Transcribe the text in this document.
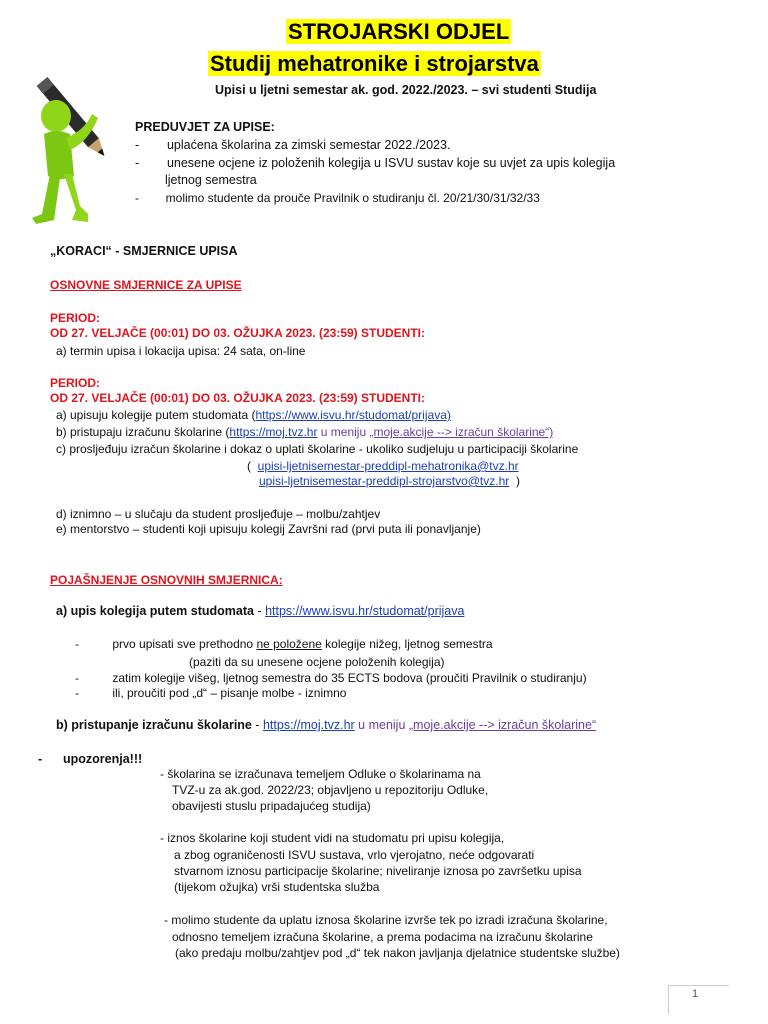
STROJARSKI ODJEL
Studij mehatronike i strojarstva
Upisi u ljetni semestar ak. god. 2022./2023. – svi studenti Studija
PREDUVJET ZA UPISE:
-        uplaćena školarina za zimski semestar 2022./2023.
-        unesene ocjene iz položenih kolegija u ISVU sustav koje su uvjet za upis kolegija
ljetnog semestra
-        molimo studente da prouče Pravilnik o studiranju čl. 20/21/30/31/32/33
„KORACI“ - SMJERNICE UPISA
OSNOVNE SMJERNICE ZA UPISE
PERIOD:
OD 27. VELJAČE (00:01) DO 03. OŽUJKA 2023. (23:59) STUDENTI:
a) termin upisa i lokacija upisa: 24 sata, on-line
PERIOD:
OD 27. VELJAČE (00:01) DO 03. OŽUJKA 2023. (23:59) STUDENTI:
a) upisuju kolegije putem studomata (https://www.isvu.hr/studomat/prijava)
b) pristupaju izračunu školarine (https://moj.tvz.hr u meniju „moje.akcije --> izračun školarine“)
c) prosljeđuju izračun školarine i dokaz o uplati školarine - ukoliko sudjeluju u participaciji školarine
( upisi-ljetnisemestar-preddipl-mehatronika@tvz.hr
upisi-ljetnisemestar-preddipl-strojarstvo@tvz.hr )
d) iznimno – u slučaju da student prosljeđuje – molbu/zahtjev
e) mentorstvo – studenti koji upisuju kolegij Završni rad (prvi puta ili ponavljanje)
POJAŠNJENJE OSNOVNIH SMJERNICA:
a) upis kolegija putem studomata - https://www.isvu.hr/studomat/prijava
-          prvo upisati sve prethodno ne položene kolegije nižeg, ljetnog semestra
(paziti da su unesene ocjene položenih kolegija)
-          zatim kolegije višeg, ljetnog semestra do 35 ECTS bodova (proučiti Pravilnik o studiranju)
-          ili, proučiti pod „d“ – pisanje molbe - iznimno
b) pristupanje izračunu školarine - https://moj.tvz.hr u meniju „moje.akcije --> izračun školarine“
-      upozorenja!!!
- školarina se izračunava temeljem Odluke o školarinama na
TVZ-u za ak.god. 2022/23; objavljeno u repozitoriju Odluke,
obavijesti stuslu pripadajućeg studija)
- iznos školarine koji student vidi na studomatu pri upisu kolegija,
a zbog ograničenosti ISVU sustava, vrlo vjerojatno, neće odgovarati
stvarnom iznosu participacije školarine; niveliranje iznosa po završetku upisa
(tijekom ožujka) vrši studentska služba
- molimo studente da uplatu iznosa školarine izvrše tek po izradi izračuna školarine,
odnosno temeljem izračuna školarine, a prema podacima na izračunu školarine
(ako predaju molbu/zahtjev pod „d“ tek nakon javljanja djelatnice studentske službe)
1
